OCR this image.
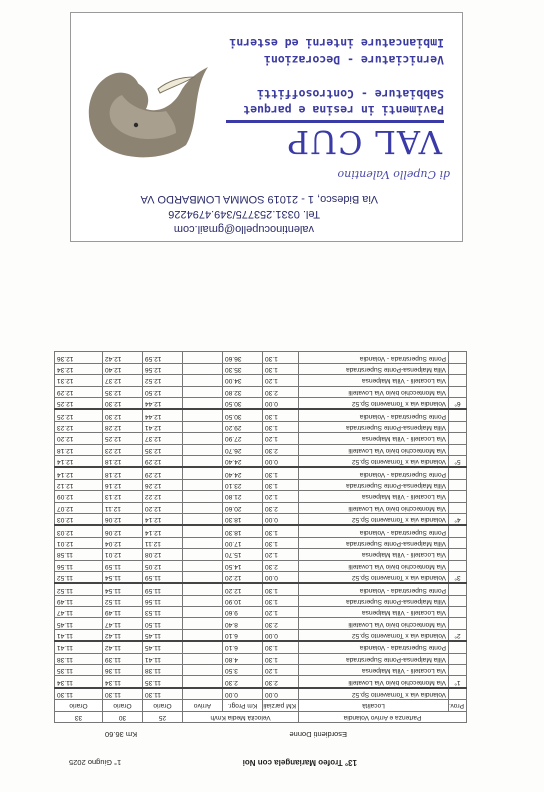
valentinocupello@gmail.com
Tel. 0331.253775/349.4794226
Via Bidesco, 1 - 21019 SOMMA LOMBARDO VA
di Cupello Valentino
VAL CUP
Pavimenti in resina e parquet
Sabbiature - Controsoffitti
Verniciature - Decorazioni
Imbiancature interni ed esterni
13° Trofeo Mariangela con Noi
1° Giugno 2025
Esordienti Donne
Km 36.60
Partenza e Arrivo Volandia		Velocità Media Km/h			25	30	33
Prov.	Località	KM parziali	Km Progr.	Arrivo	Orario	Orario	Orario
	Volandia via x Tornavento Sp.52	0.00	0.00		11.30	11.30	11.30
1°	Via Montecchio bivio Via Lovatelli	2.30	2.30		11.35	11.34	11.34
	Via Locatelli - Villa Malpensa	1.20	3.50		11.38	11.36	11.35
	Villa Malpensa-Ponte Superstrada	1.30	4.80		11.41	11.39	11.38
	Ponte Superstrada - Volandia	1.30	6.10		11.45	11.42	11.41
2°	Volandia via x Tornavento Sp.52	0.00	6.10		11.45	11.42	11.41
	Via Montecchio bivio Via Lovatelli	2.30	8.40		11.50	11.47	11.45
	Via Locatelli - Villa Malpensa	1.20	9.60		11.53	11.49	11.47
	Villa Malpensa-Ponte Superstrada	1.30	10.90		11.56	11.52	11.49
	Ponte Superstrada - Volandia	1.30	12.20		11.59	11.54	11.52
3°	Volandia via x Tornavento Sp.52	0.00	12.20		11.59	11.54	11.52
	Via Montecchio bivio Via Lovatelli	2.30	14.50		12.05	11.59	11.56
	Via Locatelli - Villa Malpensa	1.20	15.70		12.08	12.01	11.58
	Villa Malpensa-Ponte Superstrada	1.30	17.00		12.11	12.04	12.01
	Ponte Superstrada - Volandia	1.30	18.30		12.14	12.06	12.03
4°	Volandia via x Tornavento Sp.52	0.00	18.30		12.14	12.06	12.03
	Via Montecchio bivio Via Lovatelli	2.30	20.60		12.20	12.11	12.07
	Via Locatelli - Villa Malpensa	1.20	21.80		12.22	12.13	12.09
	Villa Malpensa-Ponte Superstrada	1.30	23.10		12.26	12.16	12.12
	Ponte Superstrada - Volandia	1.30	24.40		12.29	12.18	12.14
5°	Volandia via x Tornavento Sp.52	0.00	24.40		12.29	12.18	12.14
	Via Montecchio bivio Via Lovatelli	2.30	26.70		12.35	12.23	12.18
	Via Locatelli - Villa Malpensa	1.20	27.90		12.37	12.25	12.20
	Villa Malpensa-Ponte Superstrada	1.30	29.20		12.41	12.28	12.23
	Ponte Superstrada - Volandia	1.30	30.50		12.44	12.30	12.25
6°	Volandia via x Tornavento Sp.52	0.00	30.50		12.44	12.30	12.25
	Via Montecchio bivio Via Lovatelli	2.30	32.80		12.50	12.35	12.29
	Via Locatelli - Villa Malpensa	1.20	34.00		12.52	12.37	12.31
	Villa Malpensa-Ponte Superstrada	1.30	35.30		12.56	12.40	12.34
	Ponte Superstrada - Volandia	1.30	36.60		12.59	12.42	12.36
